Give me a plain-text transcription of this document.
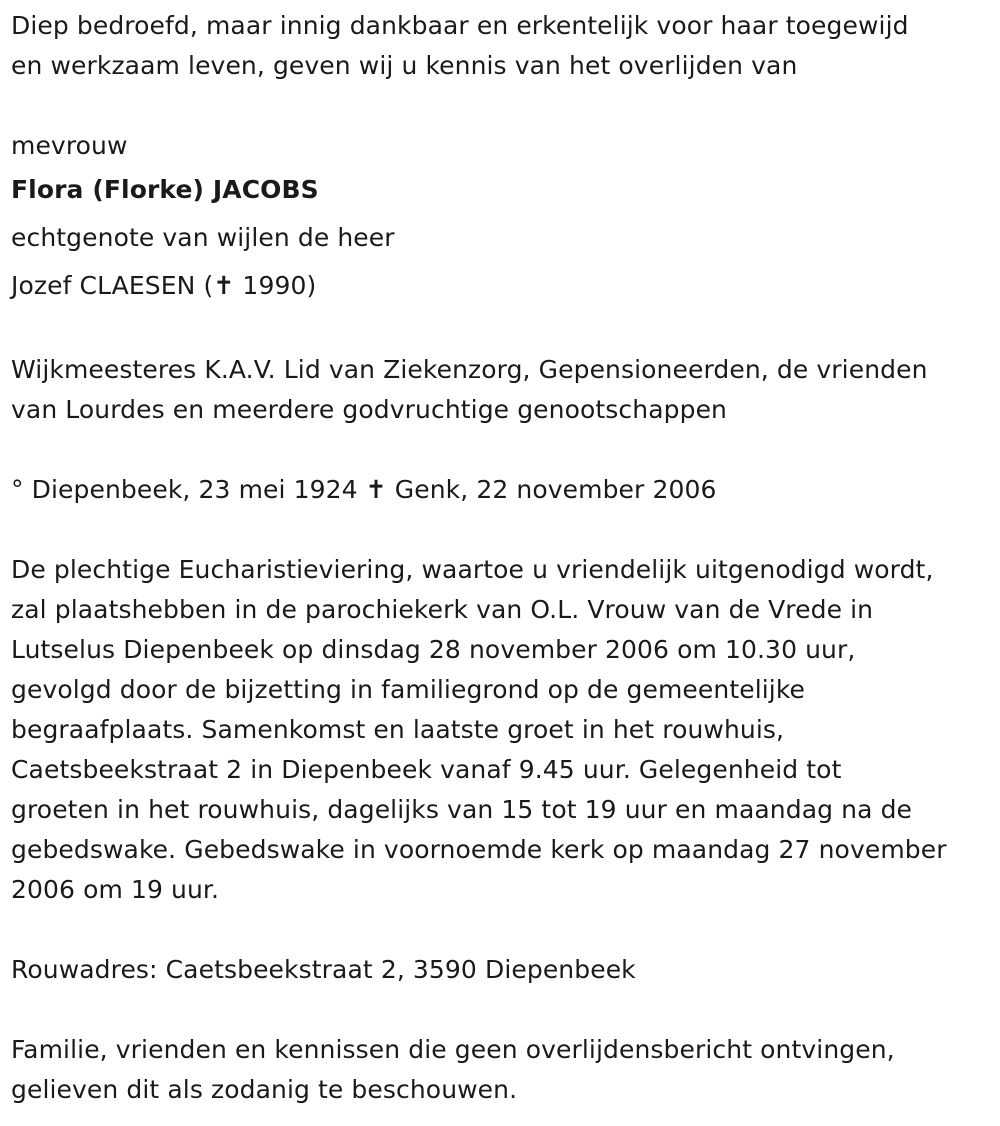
Diep bedroefd, maar innig dankbaar en erkentelijk voor haar toegewijd
en werkzaam leven, geven wij u kennis van het overlijden van
mevrouw
Flora (Florke) JACOBS
echtgenote van wijlen de heer
Jozef CLAESEN (✝ 1990)
Wijkmeesteres K.A.V. Lid van Ziekenzorg, Gepensioneerden, de vrienden
van Lourdes en meerdere godvruchtige genootschappen
° Diepenbeek, 23 mei 1924 ✝ Genk, 22 november 2006
De plechtige Eucharistieviering, waartoe u vriendelijk uitgenodigd wordt,
zal plaatshebben in de parochiekerk van O.L. Vrouw van de Vrede in
Lutselus Diepenbeek op dinsdag 28 november 2006 om 10.30 uur,
gevolgd door de bijzetting in familiegrond op de gemeentelijke
begraafplaats. Samenkomst en laatste groet in het rouwhuis,
Caetsbeekstraat 2 in Diepenbeek vanaf 9.45 uur. Gelegenheid tot
groeten in het rouwhuis, dagelijks van 15 tot 19 uur en maandag na de
gebedswake. Gebedswake in voornoemde kerk op maandag 27 november
2006 om 19 uur.
Rouwadres: Caetsbeekstraat 2, 3590 Diepenbeek
Familie, vrienden en kennissen die geen overlijdensbericht ontvingen,
gelieven dit als zodanig te beschouwen.
